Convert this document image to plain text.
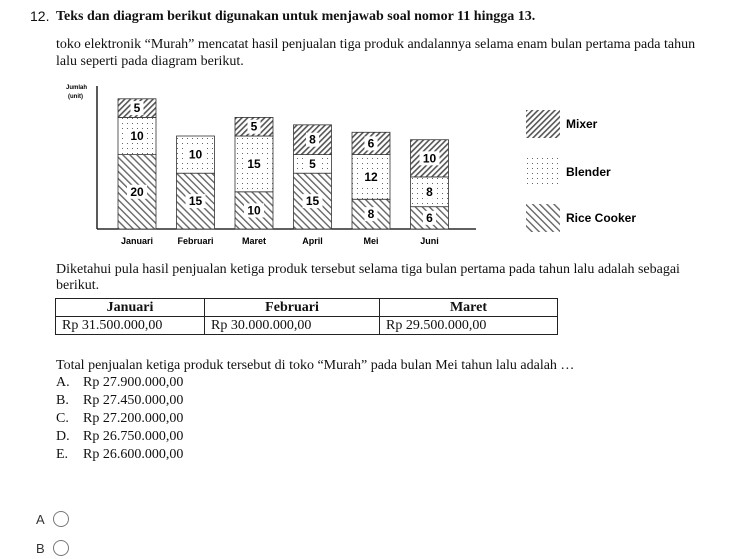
12. Teks dan diagram berikut digunakan untuk menjawab soal nomor 11 hingga 13.
toko elektronik “Murah” mencatat hasil penjualan tiga produk andalannya selama enam bulan pertama pada tahun lalu seperti pada diagram berikut.
Jumlah
(unit)
20
10
5
15
10
10
15
5
15
5
8
8
12
6
6
8
10
Januari	Februari	Maret	April	Mei	Juni
Mixer
Blender
Rice Cooker
Diketahui pula hasil penjualan ketiga produk tersebut selama tiga bulan pertama pada tahun lalu adalah sebagai berikut.
Januari	Februari	Maret
Rp 31.500.000,00	Rp 30.000.000,00	Rp 29.500.000,00
Total penjualan ketiga produk tersebut di toko “Murah” pada bulan Mei tahun lalu adalah …
A. Rp 27.900.000,00
B. Rp 27.450.000,00
C. Rp 27.200.000,00
D. Rp 26.750.000,00
E. Rp 26.600.000,00
A
B
